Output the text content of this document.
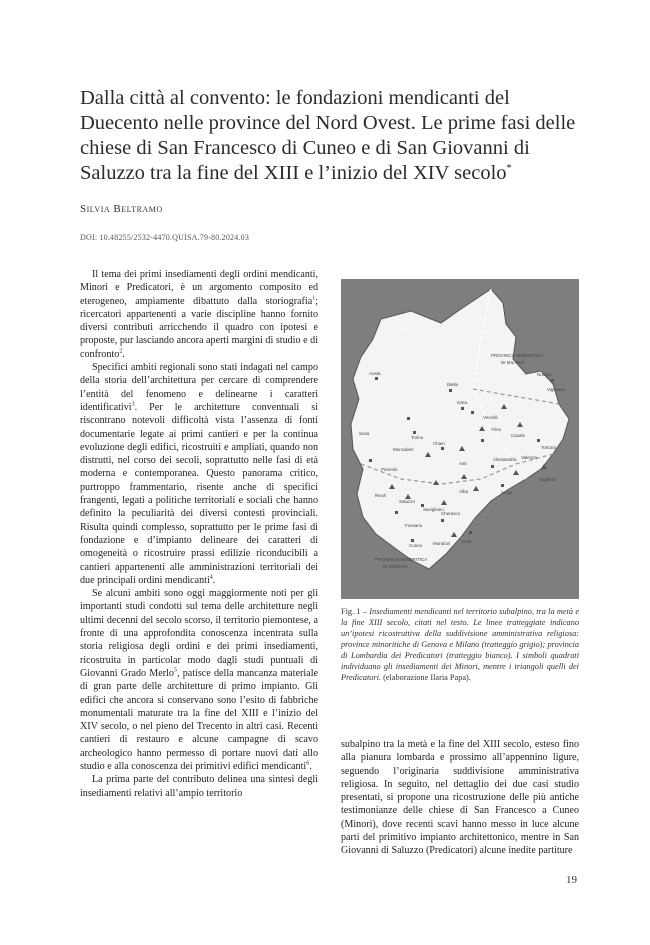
Dalla città al convento: le fondazioni mendicanti del Duecento nelle province del Nord Ovest. Le prime fasi delle chiese di San Francesco di Cuneo e di San Giovanni di Saluzzo tra la fine del XIII e l’inizio del XIV secolo*
Silvia Beltramo
DOI: 10.48255/2532-4470.QUISA.79-80.2024.03

Il tema dei primi insediamenti degli ordini mendicanti, Minori e Predicatori, è un argomento composito ed eterogeneo, ampiamente dibattuto dalla storiografia$^1$; ricercatori appartenenti a varie discipline hanno fornito diversi contributi arricchendo il quadro con ipotesi e proposte, pur lasciando ancora aperti margini di studio e di confronto$^2$.

Specifici ambiti regionali sono stati indagati nel campo della storia dell’architettura per cercare di comprendere l’entità del fenomeno e delinearne i caratteri identificativi$^3$. Per le architetture conventuali si riscontrano notevoli difficoltà vista l’assenza di fonti documentarie legate ai primi cantieri e per la continua evoluzione degli edifici, ricostruiti e ampliati, quando non distrutti, nel corso dei secoli, soprattutto nelle fasi di età moderna e contemporanea. Questo panorama critico, purtroppo frammentario, risente anche di specifici frangenti, legati a politiche territoriali e sociali che hanno definito la peculiarità dei diversi contesti provinciali. Risulta quindi complesso, soprattutto per le prime fasi di fondazione e d’impianto delineare dei caratteri di omogeneità o ricostruire prassi edilizie riconducibili a cantieri appartenenti alle amministrazioni territoriali dei due principali ordini mendicanti$^4$.

Se alcuni ambiti sono oggi maggiormente noti per gli importanti studi condotti sul tema delle architetture negli ultimi decenni del secolo scorso, il territorio piemontese, a fronte di una approfondita conoscenza incentrata sulla storia religiosa degli ordini e dei primi insediamenti, ricostruita in particolar modo dagli studi puntuali di Giovanni Grado Merlo$^5$, patisce della mancanza materiale di gran parte delle architetture di primo impianto. Gli edifici che ancora si conservano sono l’esito di fabbriche monumentali maturate tra la fine del XIII e l’inizio del XIV secolo, o nel pieno del Trecento in altri casi. Recenti cantieri di restauro e alcune campagne di scavo archeologico hanno permesso di portare nuovi dati allo studio e alla conoscenza dei primitivi edifici mendicanti$^6$.

La prima parte del contributo delinea una sintesi degli insediamenti relativi all’ampio territorio

PROVINCIA DI LOMBARDIA
DEI PREDICATORI
PROVINCIA MINORITICA
DI MILANO
PROVINCIA MINORITICA
DI GENOVA
Aosta
Biella
Ivrea
Vercelli
Novara
Chieri
Torino
Moncalieri
Asti
Alessandria
Tortona
Casale
Pinerolo
Saluzzo
Savigliano
Cherasco
Alba
Mondovì
Cuneo
Fossano
Ceva
Acqui
Valenza
Voghera
Susa
Rivoli
Trino
Vigevano
Fig. 1 – Insediamenti mendicanti nel territorio subalpino, tra la metà e la fine XIII secolo, citati nel testo. Le linee tratteggiate indicano un’ipotesi ricostruttiva della suddivisione amministrativa religiosa: province minoritiche di Genova e Milano (tratteggio grigio); provincia di Lombardia dei Predicatori (tratteggio bianco). I simboli quadrati individuano gli insediamenti dei Minori, mentre i triangoli quelli dei Predicatori. (elaborazione Ilaria Papa).

subalpino tra la metà e la fine del XIII secolo, esteso fino alla pianura lombarda e prossimo all’appennino ligure, seguendo l’originaria suddivisione amministrativa religiosa. In seguito, nel dettaglio dei due casi studio presentati, si propone una ricostruzione delle più antiche testimonianze delle chiese di San Francesco a Cuneo (Minori), dove recenti scavi hanno messo in luce alcune parti del primitivo impianto architettonico, mentre in San Giovanni di Saluzzo (Predicatori) alcune inedite partiture

19
